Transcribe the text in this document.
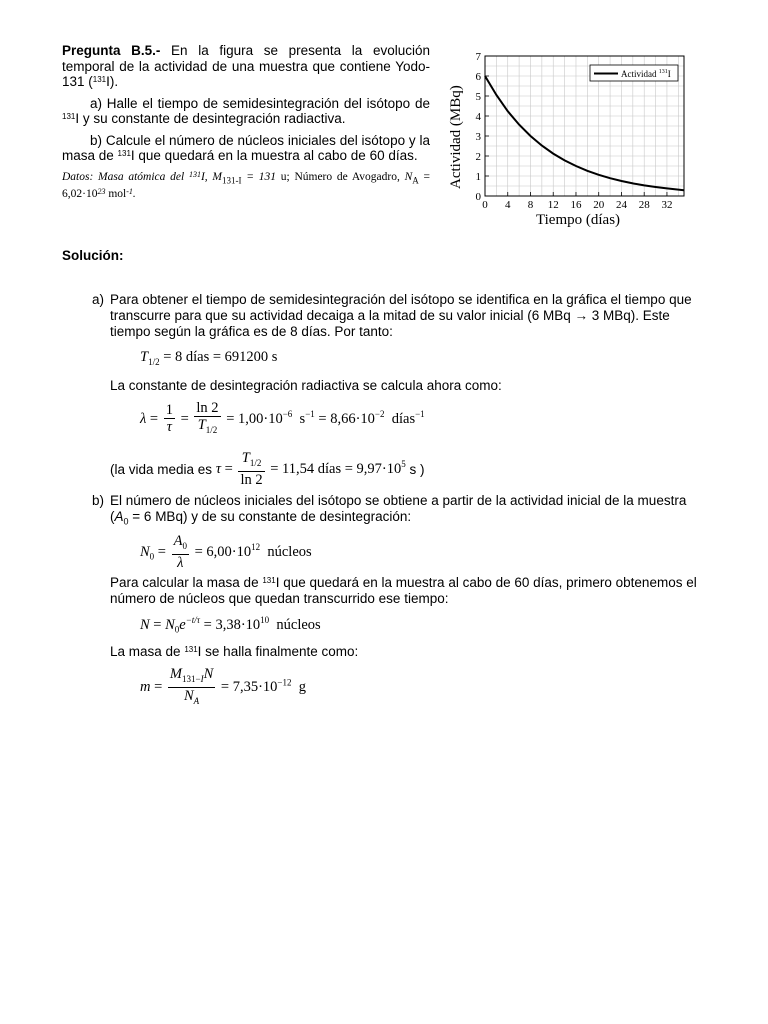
Pregunta B.5.- En la figura se presenta la evolución temporal de la actividad de una muestra que contiene Yodo-131 ($^{131}$I).

a) Halle el tiempo de semidesintegración del isótopo de $^{131}$I y su constante de desintegración radiactiva.

b) Calcule el número de núcleos iniciales del isótopo y la masa de $^{131}$I que quedará en la muestra al cabo de 60 días.

Datos: Masa atómica del $^{131}$I, $M_{131-I} = 131$ u; Número de Avogadro, $N_A = 6,02\cdot 10^{23}$ mol$^{-1}$.
0 4 8 12 16 20 24 28 32
0
1
2
3
4
5
6
7
Actividad $^{131}$I
Tiempo (días)
Actividad (MBq)
Solución:
a) Para obtener el tiempo de semidesintegración del isótopo se identifica en la gráfica el tiempo que transcurre para que su actividad decaiga a la mitad de su valor inicial (6 MBq → 3 MBq). Este tiempo según la gráfica es de 8 días. Por tanto:
$T_{1/2} = 8$ días = 691200 s
La constante de desintegración radiactiva se calcula ahora como:
$\lambda = \frac{1}{\tau} = \frac{\ln 2}{T_{1/2}} = 1,00\cdot 10^{-6}$ $s^{-1} = 8,66\cdot 10^{-2}$ días$^{-1}$
(la vida media es $\tau = \frac{T_{1/2}}{\ln 2} = 11,54$ días = $9,97\cdot 10^5$ s )
b) El número de núcleos iniciales del isótopo se obtiene a partir de la actividad inicial de la muestra ($A_0 = 6$ MBq) y de su constante de desintegración:
$N_0 = \frac{A_0}{\lambda} = 6,00\cdot 10^{12}$ núcleos
Para calcular la masa de $^{131}$I que quedará en la muestra al cabo de 60 días, primero obtenemos el número de núcleos que quedan transcurrido ese tiempo:
$N = N_0e^{-t/\tau} = 3,38\cdot 10^{10}$ núcleos
La masa de $^{131}$I se halla finalmente como:
$m = \frac{M_{131-I}N}{N_A} = 7,35\cdot 10^{-12}$ g
